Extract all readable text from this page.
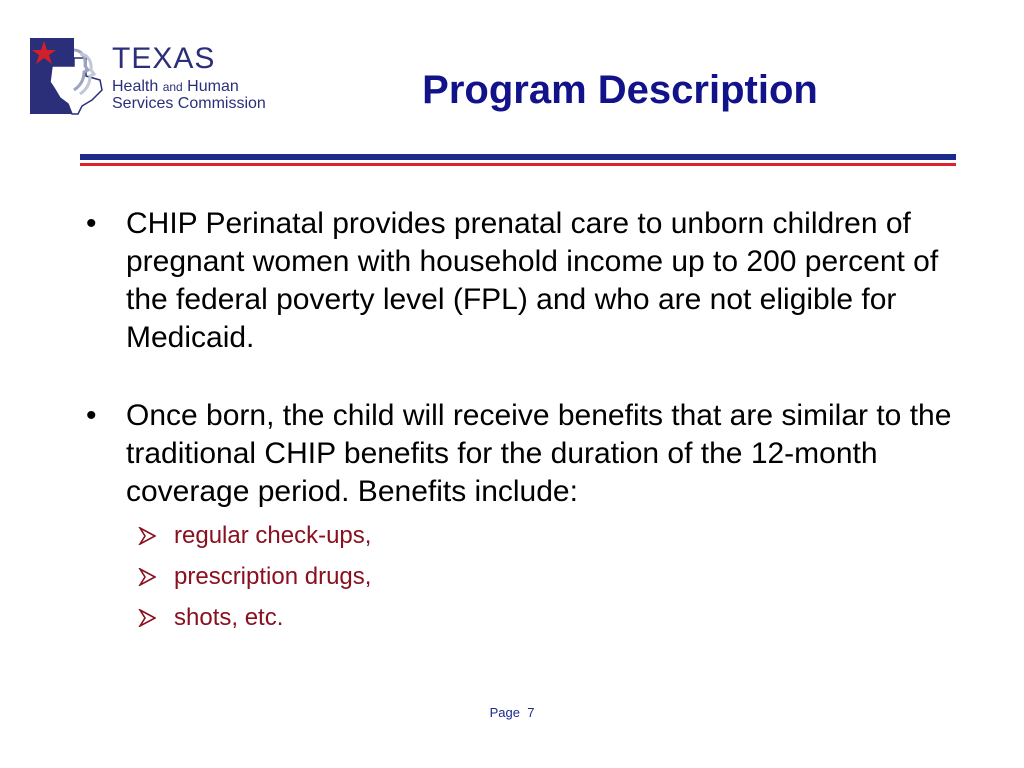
TEXAS
Health and Human
Services Commission	Program Description
• CHIP Perinatal provides prenatal care to unborn children of pregnant women with household income up to 200 percent of the federal poverty level (FPL) and who are not eligible for Medicaid.
• Once born, the child will receive benefits that are similar to the traditional CHIP benefits for the duration of the 12-month coverage period. Benefits include:
regular check-ups,
prescription drugs,
shots, etc.
Page 7
